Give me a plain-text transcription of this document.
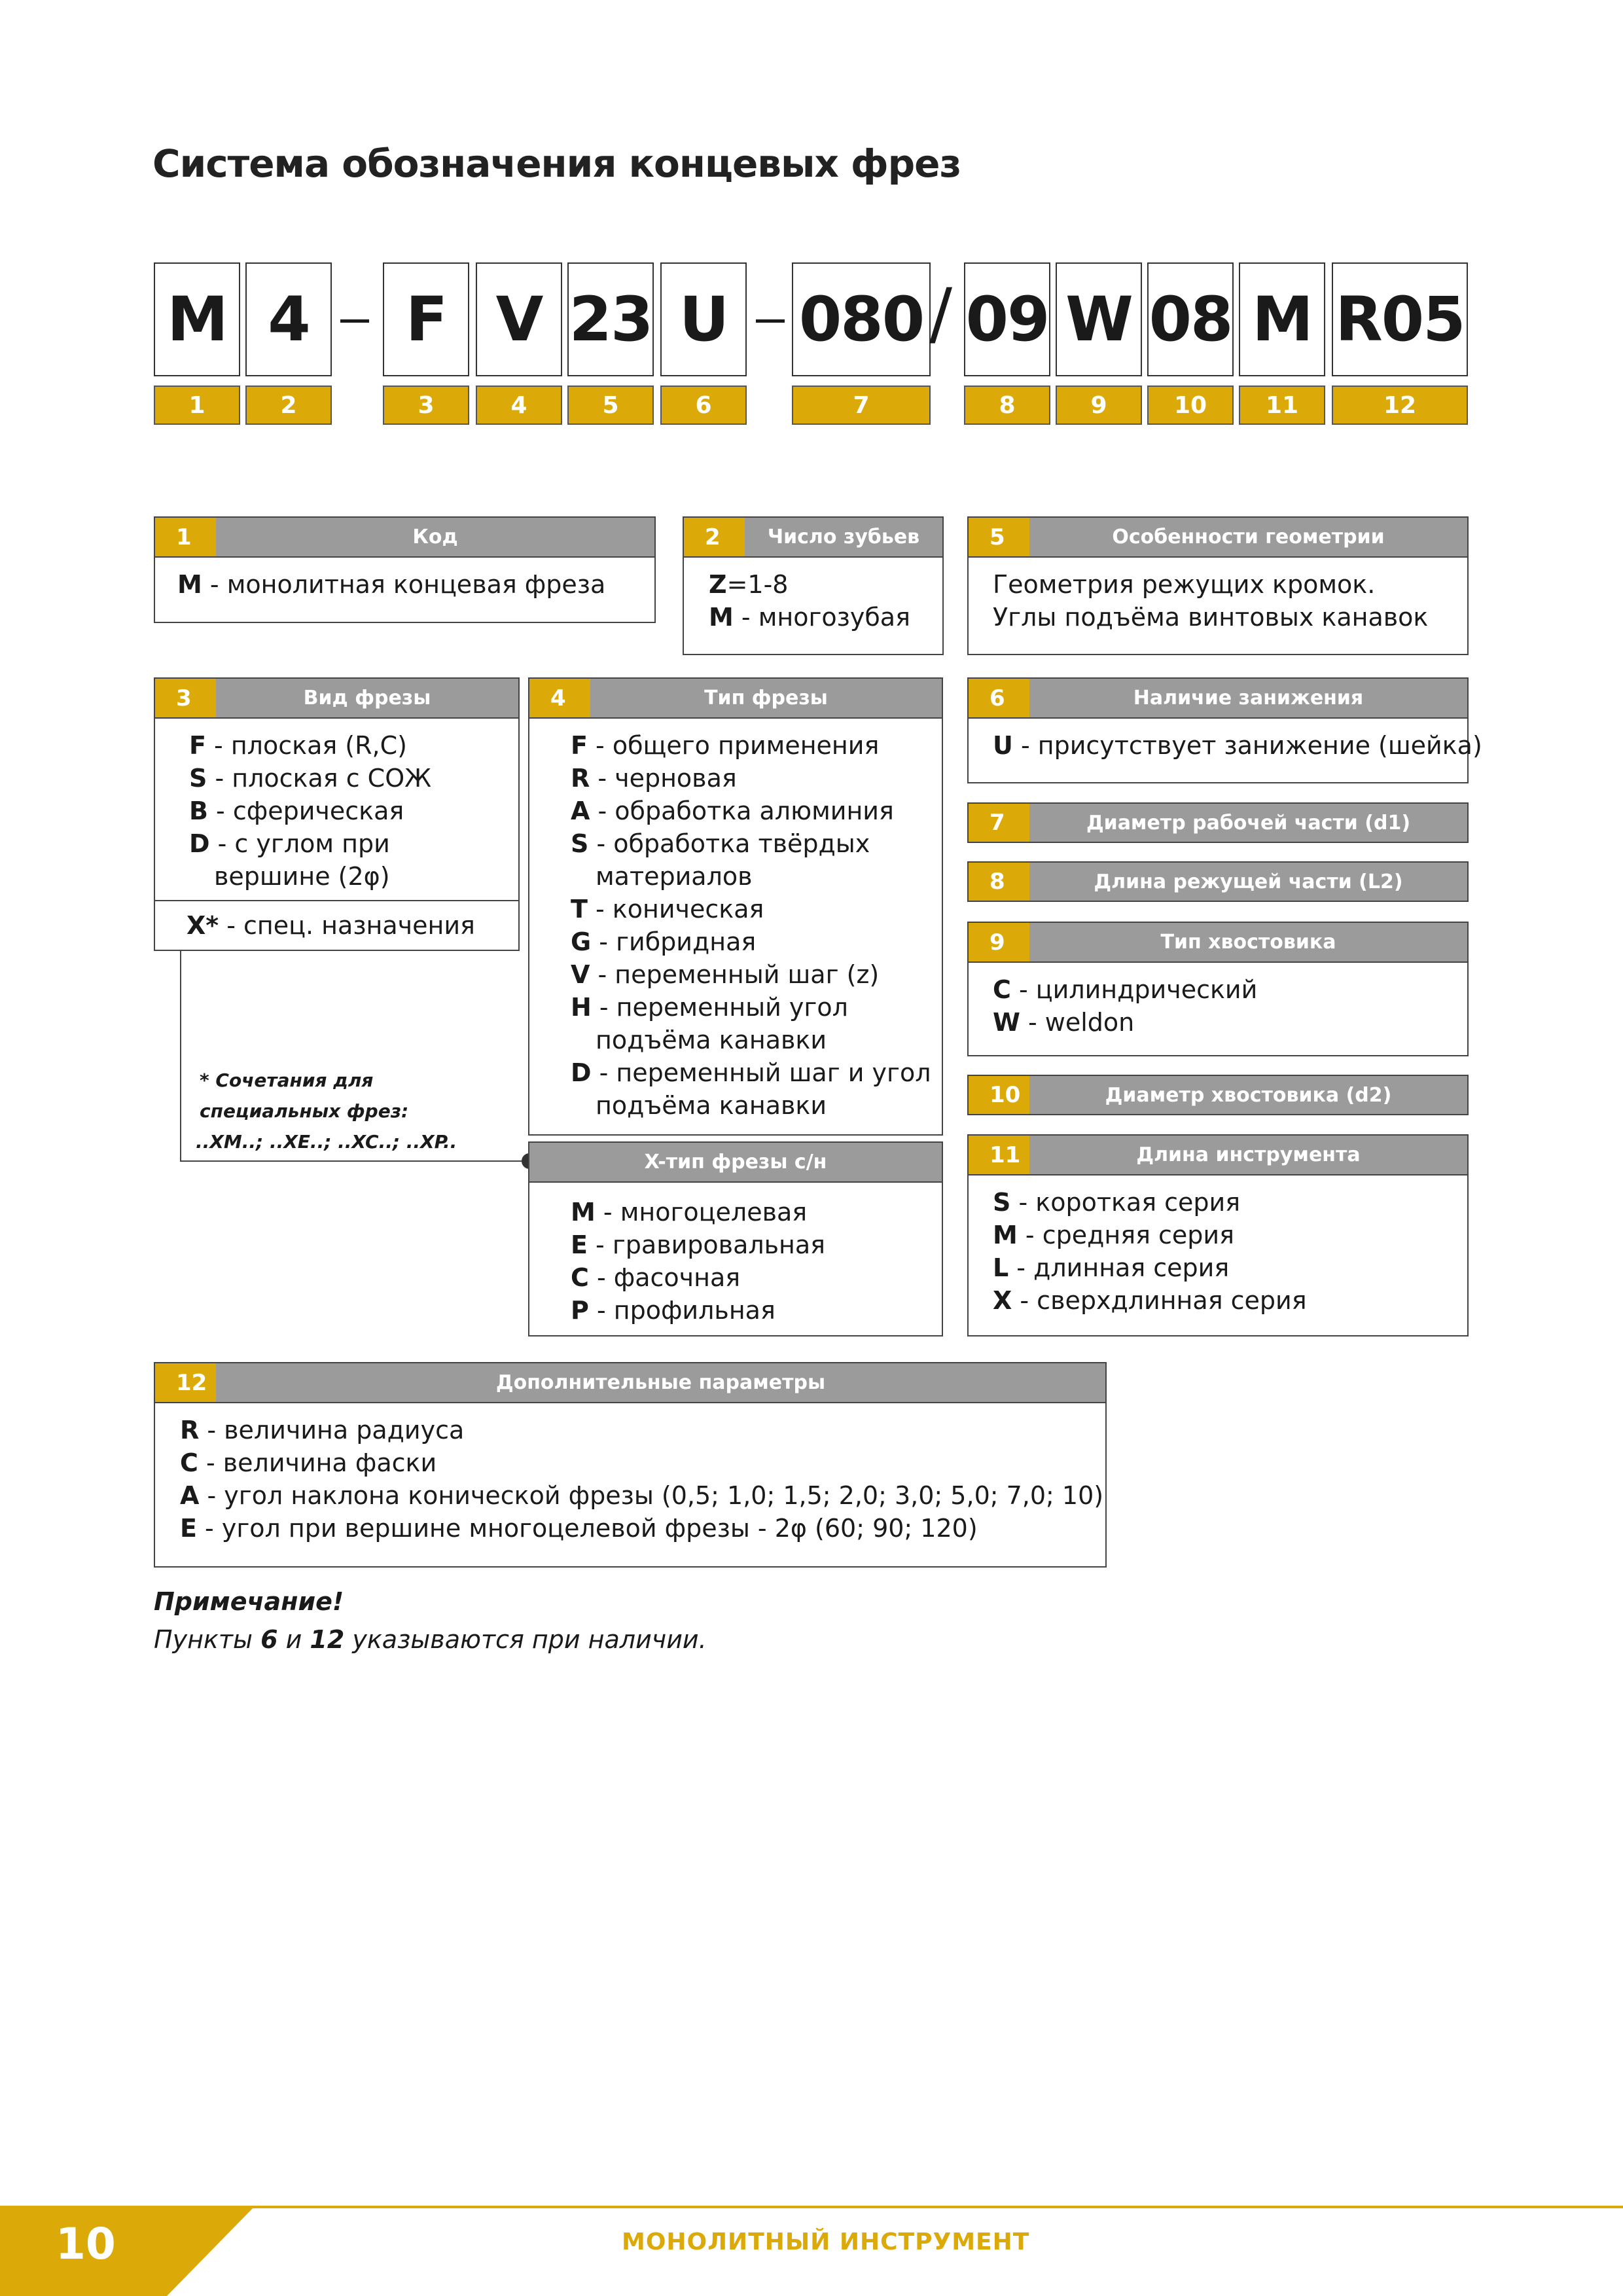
Система обозначения концевых фрез
M 4	F V 23 U	080 / 09 W 08 M R05
1	2	3	4	5	6	7	8	9	10	11	12
1	Код
M - монолитная концевая фреза
2	Число зубьев
Z=1-8
M - многозубая
5	Особенности геометрии
Геометрия режущих кромок.
Углы подъёма винтовых канавок
3	Вид фрезы
F - плоская (R,C)
S - плоская с СОЖ
B - сферическая
D - с углом при
вершине (2φ)
X* - спец. назначения
* Сочетания для
специальных фрез:
..XM..; ..XE..; ..XC..; ..XP..
4	Тип фрезы
F - общего применения
R - черновая
A - обработка алюминия
S - обработка твёрдых
материалов
T - коническая
G - гибридная
V - переменный шаг (z)
H - переменный угол
подъёма канавки
D - переменный шаг и угол
подъёма канавки
X-тип фрезы с/н
M - многоцелевая
E - гравировальная
C - фасочная
P - профильная
6	Наличие занижения
U - присутствует занижение (шейка)
7	Диаметр рабочей части (d1)
8	Длина режущей части (L2)
9	Тип хвостовика
C - цилиндрический
W - weldon
10	Диаметр хвостовика (d2)
11	Длина инструмента
S - короткая серия
M - средняя серия
L - длинная серия
X - сверхдлинная серия
12	Дополнительные параметры
R - величина радиуса
C - величина фаски
A - угол наклона конической фрезы (0,5; 1,0; 1,5; 2,0; 3,0; 5,0; 7,0; 10)
E - угол при вершине многоцелевой фрезы - 2φ (60; 90; 120)
Примечание!
Пункты 6 и 12 указываются при наличии.
10	МОНОЛИТНЫЙ ИНСТРУМЕНТ
